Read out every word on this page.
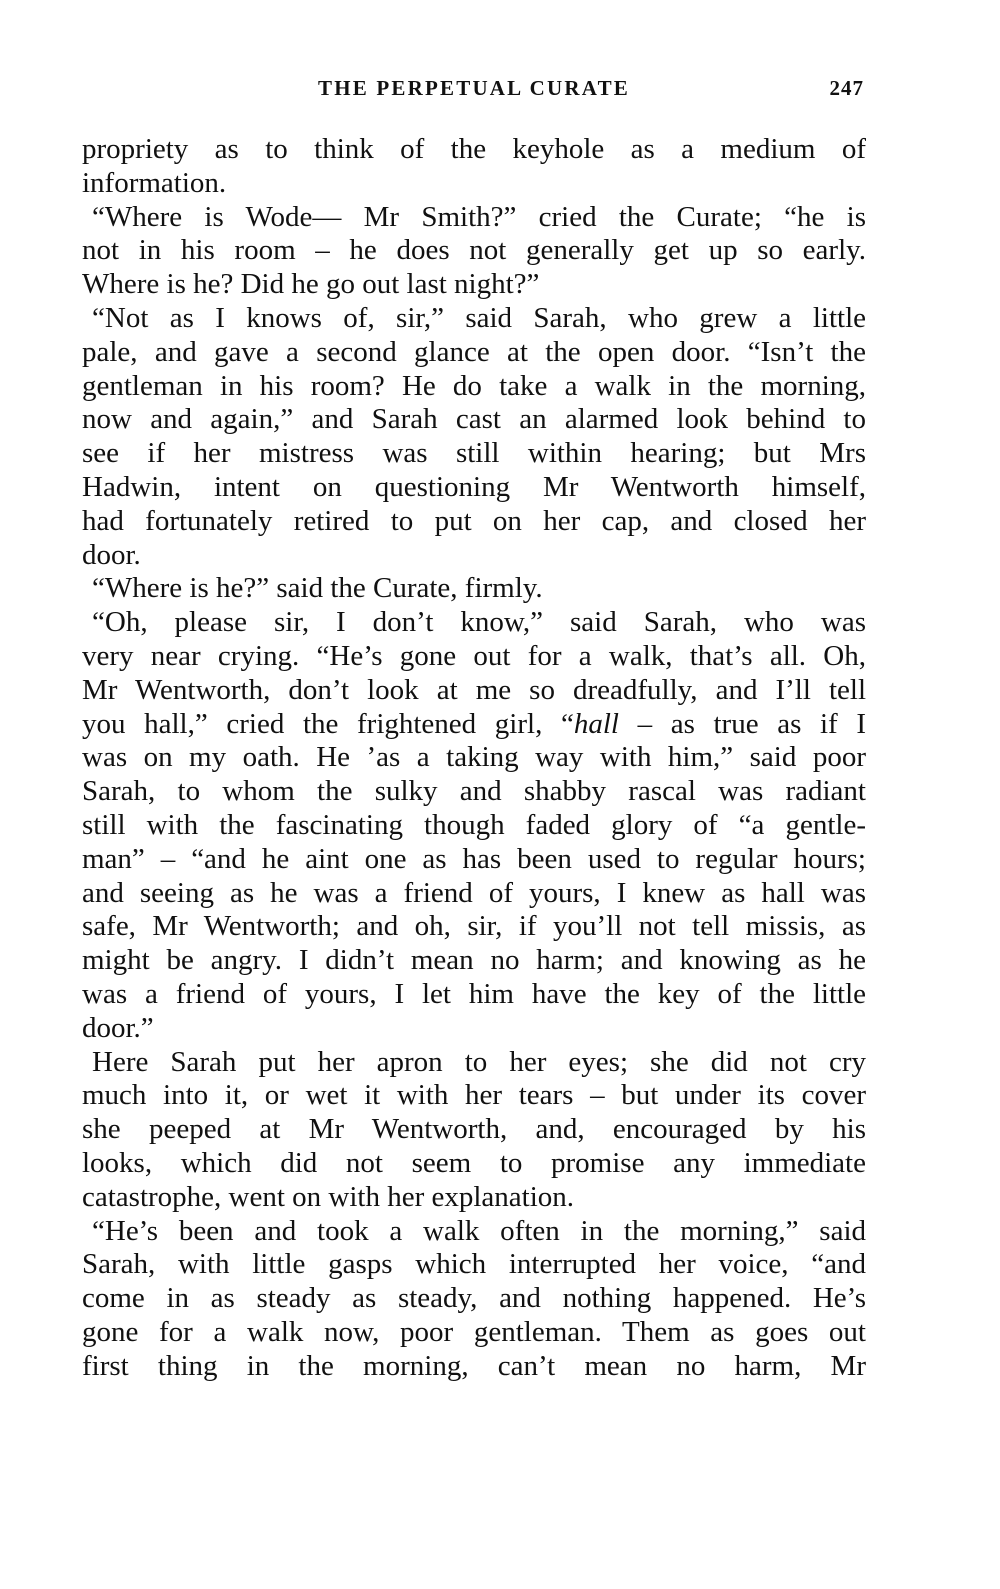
THE PERPETUAL CURATE	247
propriety as to think of the keyhole as a medium of
information.
“Where is Wode— Mr Smith?” cried the Curate; “he is
not in his room – he does not generally get up so early.
Where is he? Did he go out last night?”
“Not as I knows of, sir,” said Sarah, who grew a little
pale, and gave a second glance at the open door. “Isn’t the
gentleman in his room? He do take a walk in the morning,
now and again,” and Sarah cast an alarmed look behind to
see if her mistress was still within hearing; but Mrs
Hadwin, intent on questioning Mr Wentworth himself,
had fortunately retired to put on her cap, and closed her
door.
“Where is he?” said the Curate, firmly.
“Oh, please sir, I don’t know,” said Sarah, who was
very near crying. “He’s gone out for a walk, that’s all. Oh,
Mr Wentworth, don’t look at me so dreadfully, and I’ll tell
you hall,” cried the frightened girl, “hall – as true as if I
was on my oath. He ’as a taking way with him,” said poor
Sarah, to whom the sulky and shabby rascal was radiant
still with the fascinating though faded glory of “a gentle-
man” – “and he aint one as has been used to regular hours;
and seeing as he was a friend of yours, I knew as hall was
safe, Mr Wentworth; and oh, sir, if you’ll not tell missis, as
might be angry. I didn’t mean no harm; and knowing as he
was a friend of yours, I let him have the key of the little
door.”
Here Sarah put her apron to her eyes; she did not cry
much into it, or wet it with her tears – but under its cover
she peeped at Mr Wentworth, and, encouraged by his
looks, which did not seem to promise any immediate
catastrophe, went on with her explanation.
“He’s been and took a walk often in the morning,” said
Sarah, with little gasps which interrupted her voice, “and
come in as steady as steady, and nothing happened. He’s
gone for a walk now, poor gentleman. Them as goes out
first thing in the morning, can’t mean no harm, Mr
